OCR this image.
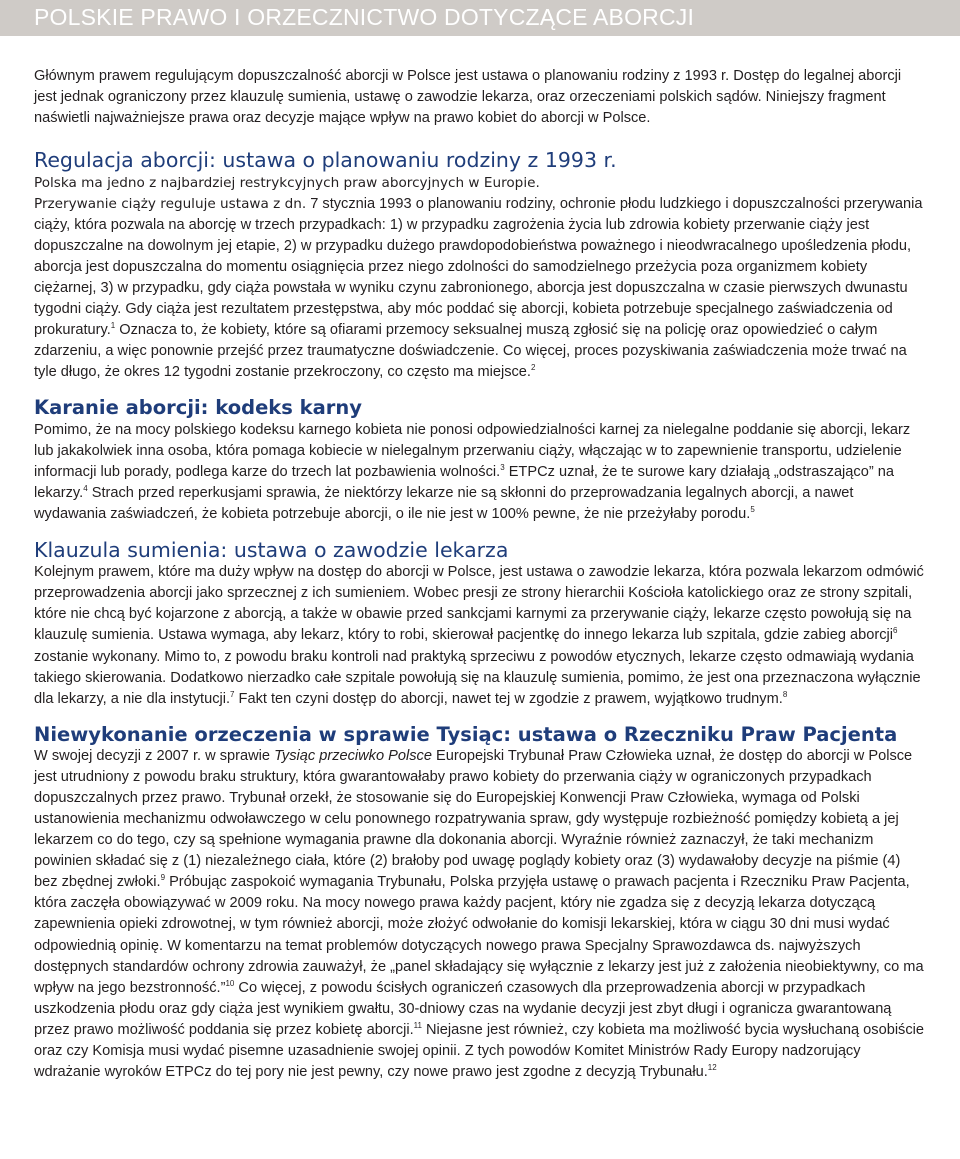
POLSKIE PRAWO I ORZECZNICTWO DOTYCZĄCE ABORCJI

Głównym prawem regulującym dopuszczalność aborcji w Polsce jest ustawa o planowaniu rodziny z 1993 r. Dostęp do legalnej aborcji jest jednak ograniczony przez klauzulę sumienia, ustawę o zawodzie lekarza, oraz orzeczeniami polskich sądów. Niniejszy fragment naświetli najważniejsze prawa oraz decyzje mające wpływ na prawo kobiet do aborcji w Polsce.

Regulacja aborcji: ustawa o planowaniu rodziny z 1993 r.
Polska ma jedno z najbardziej restrykcyjnych praw aborcyjnych w Europie.

Przerywanie ciąży reguluje ustawa z dn. 7 stycznia 1993 o planowaniu rodziny, ochronie płodu ludzkiego i dopuszczalności przerywania ciąży, która pozwala na aborcję w trzech przypadkach: 1) w przypadku zagrożenia życia lub zdrowia kobiety przerwanie ciąży jest dopuszczalne na dowolnym jej etapie, 2) w przypadku dużego prawdopodobieństwa poważnego i nieodwracalnego upośledzenia płodu, aborcja jest dopuszczalna do momentu osiągnięcia przez niego zdolności do samodzielnego przeżycia poza organizmem kobiety ciężarnej, 3) w przypadku, gdy ciąża powstała w wyniku czynu zabronionego, aborcja jest dopuszczalna w czasie pierwszych dwunastu tygodni ciąży. Gdy ciąża jest rezultatem przestępstwa, aby móc poddać się aborcji, kobieta potrzebuje specjalnego zaświadczenia od prokuratury.$^1$ Oznacza to, że kobiety, które są ofiarami przemocy seksualnej muszą zgłosić się na policję oraz opowiedzieć o całym zdarzeniu, a więc ponownie przejść przez traumatyczne doświadczenie. Co więcej, proces pozyskiwania zaświadczenia może trwać na tyle długo, że okres 12 tygodni zostanie przekroczony, co często ma miejsce.$^2$

Karanie aborcji: kodeks karny

Pomimo, że na mocy polskiego kodeksu karnego kobieta nie ponosi odpowiedzialności karnej za nielegalne poddanie się aborcji, lekarz lub jakakolwiek inna osoba, która pomaga kobiecie w nielegalnym przerwaniu ciąży, włączając w to zapewnienie transportu, udzielenie informacji lub porady, podlega karze do trzech lat pozbawienia wolności.$^3$ ETPCz uznał, że te surowe kary działają „odstraszająco” na lekarzy.$^4$ Strach przed reperkusjami sprawia, że niektórzy lekarze nie są skłonni do przeprowadzania legalnych aborcji, a nawet wydawania zaświadczeń, że kobieta potrzebuje aborcji, o ile nie jest w 100% pewne, że nie przeżyłaby porodu.$^5$

Klauzula sumienia: ustawa o zawodzie lekarza

Kolejnym prawem, które ma duży wpływ na dostęp do aborcji w Polsce, jest ustawa o zawodzie lekarza, która pozwala lekarzom odmówić przeprowadzenia aborcji jako sprzecznej z ich sumieniem. Wobec presji ze strony hierarchii Kościoła katolickiego oraz ze strony szpitali, które nie chcą być kojarzone z aborcją, a także w obawie przed sankcjami karnymi za przerywanie ciąży, lekarze często powołują się na klauzulę sumienia. Ustawa wymaga, aby lekarz, który to robi, skierował pacjentkę do innego lekarza lub szpitala, gdzie zabieg aborcji$^6$ zostanie wykonany. Mimo to, z powodu braku kontroli nad praktyką sprzeciwu z powodów etycznych, lekarze często odmawiają wydania takiego skierowania. Dodatkowo nierzadko całe szpitale powołują się na klauzulę sumienia, pomimo, że jest ona przeznaczona wyłącznie dla lekarzy, a nie dla instytucji.$^7$ Fakt ten czyni dostęp do aborcji, nawet tej w zgodzie z prawem, wyjątkowo trudnym.$^8$

Niewykonanie orzeczenia w sprawie Tysiąc: ustawa o Rzeczniku Praw Pacjenta

W swojej decyzji z 2007 r. w sprawie Tysiąc przeciwko Polsce Europejski Trybunał Praw Człowieka uznał, że dostęp do aborcji w Polsce jest utrudniony z powodu braku struktury, która gwarantowałaby prawo kobiety do przerwania ciąży w ograniczonych przypadkach dopuszczalnych przez prawo. Trybunał orzekł, że stosowanie się do Europejskiej Konwencji Praw Człowieka, wymaga od Polski ustanowienia mechanizmu odwoławczego w celu ponownego rozpatrywania spraw, gdy występuje rozbieżność pomiędzy kobietą a jej lekarzem co do tego, czy są spełnione wymagania prawne dla dokonania aborcji. Wyraźnie również zaznaczył, że taki mechanizm powinien składać się z (1) niezależnego ciała, które (2) brałoby pod uwagę poglądy kobiety oraz (3) wydawałoby decyzje na piśmie (4) bez zbędnej zwłoki.$^9$ Próbując zaspokoić wymagania Trybunału, Polska przyjęła ustawę o prawach pacjenta i Rzeczniku Praw Pacjenta, która zaczęła obowiązywać w 2009 roku. Na mocy nowego prawa każdy pacjent, który nie zgadza się z decyzją lekarza dotyczącą zapewnienia opieki zdrowotnej, w tym również aborcji, może złożyć odwołanie do komisji lekarskiej, która w ciągu 30 dni musi wydać odpowiednią opinię. W komentarzu na temat problemów dotyczących nowego prawa Specjalny Sprawozdawca ds. najwyższych dostępnych standardów ochrony zdrowia zauważył, że „panel składający się wyłącznie z lekarzy jest już z założenia nieobiektywny, co ma wpływ na jego bezstronność.”$^{10}$ Co więcej, z powodu ścisłych ograniczeń czasowych dla przeprowadzenia aborcji w przypadkach uszkodzenia płodu oraz gdy ciąża jest wynikiem gwałtu, 30-dniowy czas na wydanie decyzji jest zbyt długi i ogranicza gwarantowaną przez prawo możliwość poddania się przez kobietę aborcji.$^{11}$ Niejasne jest również, czy kobieta ma możliwość bycia wysłuchaną osobiście oraz czy Komisja musi wydać pisemne uzasadnienie swojej opinii. Z tych powodów Komitet Ministrów Rady Europy nadzorujący wdrażanie wyroków ETPCz do tej pory nie jest pewny, czy nowe prawo jest zgodne z decyzją Trybunału.$^{12}$
